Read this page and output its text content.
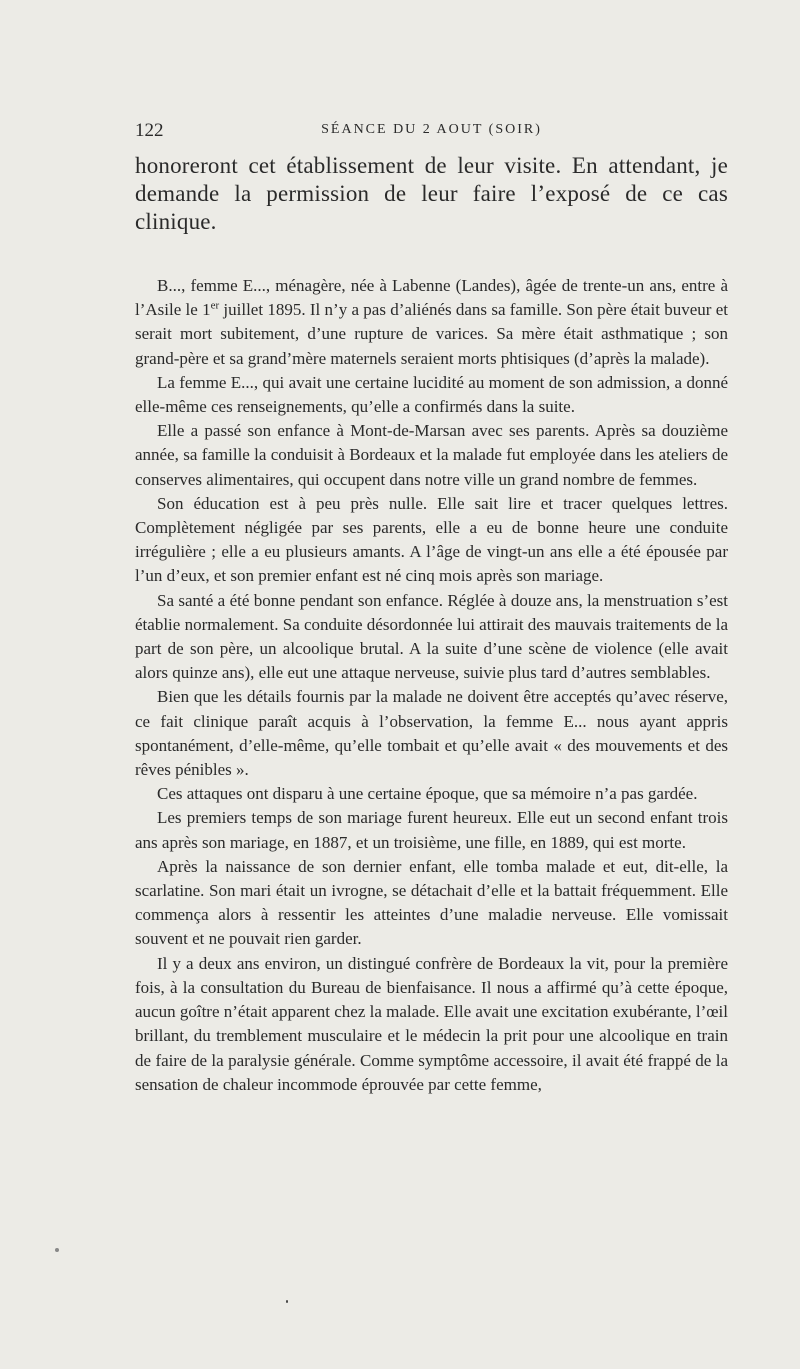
122	SÉANCE DU 2 AOUT (SOIR)

honoreront cet établissement de leur visite. En attendant, je demande la permission de leur faire l’exposé de ce cas clinique.

B..., femme E..., ménagère, née à Labenne (Landes), âgée de trente-un ans, entre à l’Asile le 1er juillet 1895. Il n’y a pas d’aliénés dans sa famille. Son père était buveur et serait mort subitement, d’une rupture de varices. Sa mère était asthmatique ; son grand-père et sa grand’mère maternels seraient morts phtisiques (d’après la malade).

La femme E..., qui avait une certaine lucidité au moment de son admission, a donné elle-même ces renseignements, qu’elle a confirmés dans la suite.

Elle a passé son enfance à Mont-de-Marsan avec ses parents. Après sa douzième année, sa famille la conduisit à Bordeaux et la malade fut employée dans les ateliers de conserves alimentaires, qui occupent dans notre ville un grand nombre de femmes.

Son éducation est à peu près nulle. Elle sait lire et tracer quelques lettres. Complètement négligée par ses parents, elle a eu de bonne heure une conduite irrégulière ; elle a eu plusieurs amants. A l’âge de vingt-un ans elle a été épousée par l’un d’eux, et son premier enfant est né cinq mois après son mariage.

Sa santé a été bonne pendant son enfance. Réglée à douze ans, la menstruation s’est établie normalement. Sa conduite désordonnée lui attirait des mauvais traitements de la part de son père, un alcoolique brutal. A la suite d’une scène de violence (elle avait alors quinze ans), elle eut une attaque nerveuse, suivie plus tard d’autres semblables.

Bien que les détails fournis par la malade ne doivent être acceptés qu’avec réserve, ce fait clinique paraît acquis à l’observation, la femme E... nous ayant appris spontanément, d’elle-même, qu’elle tombait et qu’elle avait « des mouvements et des rêves pénibles ».

Ces attaques ont disparu à une certaine époque, que sa mémoire n’a pas gardée.

Les premiers temps de son mariage furent heureux. Elle eut un second enfant trois ans après son mariage, en 1887, et un troisième, une fille, en 1889, qui est morte.

Après la naissance de son dernier enfant, elle tomba malade et eut, dit-elle, la scarlatine. Son mari était un ivrogne, se détachait d’elle et la battait fréquemment. Elle commença alors à ressentir les atteintes d’une maladie nerveuse. Elle vomissait souvent et ne pouvait rien garder.

Il y a deux ans environ, un distingué confrère de Bordeaux la vit, pour la première fois, à la consultation du Bureau de bienfaisance. Il nous a affirmé qu’à cette époque, aucun goître n’était apparent chez la malade. Elle avait une excitation exubérante, l’œil brillant, du tremblement musculaire et le médecin la prit pour une alcoolique en train de faire de la paralysie générale. Comme symptôme accessoire, il avait été frappé de la sensation de chaleur incommode éprouvée par cette femme,
